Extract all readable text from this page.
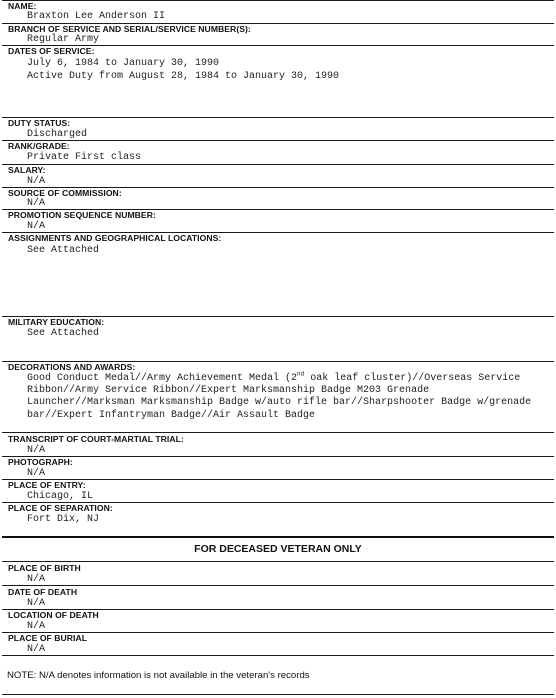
NAME:
Braxton Lee Anderson II
BRANCH OF SERVICE AND SERIAL/SERVICE NUMBER(S):
Regular Army
DATES OF SERVICE:
July 6, 1984 to January 30, 1990
Active Duty from August 28, 1984 to January 30, 1990
DUTY STATUS:
Discharged
RANK/GRADE:
Private First class
SALARY:
N/A
SOURCE OF COMMISSION:
N/A
PROMOTION SEQUENCE NUMBER:
N/A
ASSIGNMENTS AND GEOGRAPHICAL LOCATIONS:
See Attached
MILITARY EDUCATION:
See Attached
DECORATIONS AND AWARDS:
Good Conduct Medal//Army Achievement Medal (2nd oak leaf cluster)//Overseas Service Ribbon//Army Service Ribbon//Expert Marksmanship Badge M203 Grenade Launcher//Marksman Marksmanship Badge w/auto rifle bar//Sharpshooter Badge w/grenade bar//Expert Infantryman Badge//Air Assault Badge
TRANSCRIPT OF COURT-MARTIAL TRIAL:
N/A
PHOTOGRAPH:
N/A
PLACE OF ENTRY:
Chicago, IL
PLACE OF SEPARATION:
Fort Dix, NJ
FOR DECEASED VETERAN ONLY
PLACE OF BIRTH
N/A
DATE OF DEATH
N/A
LOCATION OF DEATH
N/A
PLACE OF BURIAL
N/A
NOTE: N/A denotes information is not available in the veteran's records
